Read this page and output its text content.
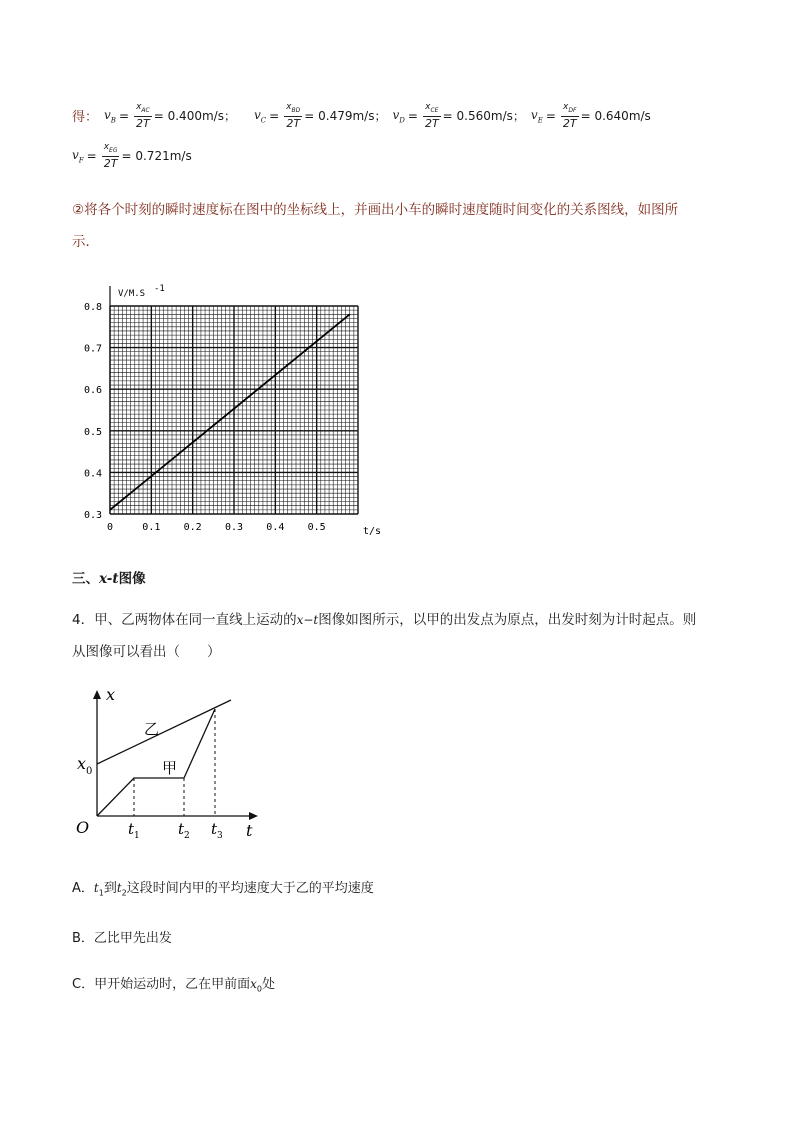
得： $v_B = \frac{x_{AC}}{2T} = 0.400m/s$ ； $v_C = \frac{x_{BD}}{2T} = 0.479m/s$ ； $v_D = \frac{x_{CE}}{2T} = 0.560m/s$ ； $v_E = \frac{x_{DF}}{2T} = 0.640m/s$
$v_F = \frac{x_{EG}}{2T} = 0.721m/s$
②将各个时刻的瞬时速度标在图中的坐标线上，并画出小车的瞬时速度随时间变化的关系图线，如图所
示．
0.3
0.4
0.5
0.6
0.7
0.8
0	0.1 0.2 0.3 0.4 0.5
V/M.S -1
t/s
三、x-t图像
4．甲、乙两物体在同一直线上运动的x−t图像如图所示，以甲的出发点为原点，出发时刻为计时起点。则
从图像可以看出（　　）
x
t
O
x 0
乙
甲
t 1	t 2 t 3
A．$t_1$到$t_2$这段时间内甲的平均速度大于乙的平均速度
B．乙比甲先出发
C．甲开始运动时，乙在甲前面$x_0$处
